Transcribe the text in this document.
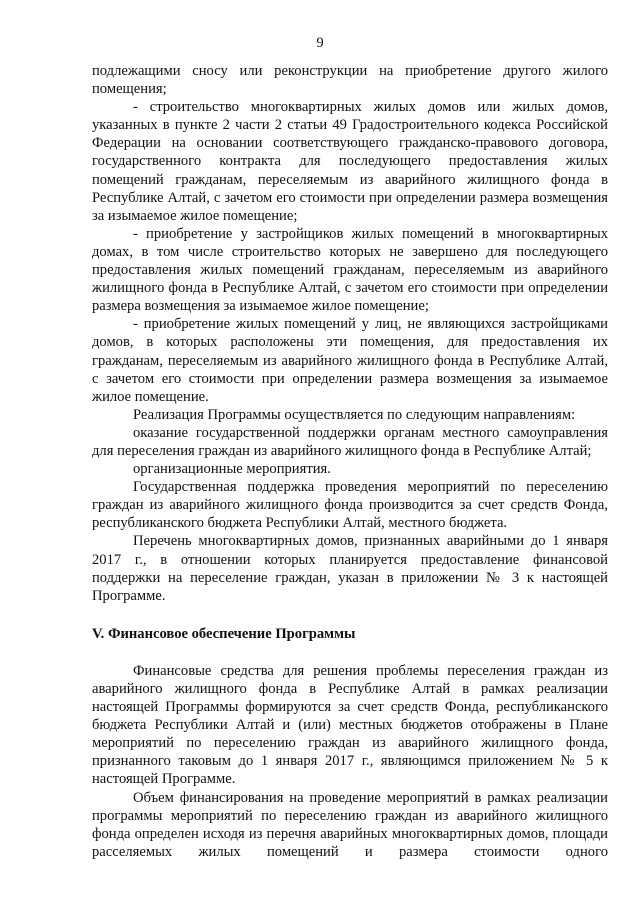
9

подлежащими сносу или реконструкции на приобретение другого жилого помещения;

- строительство многоквартирных жилых домов или жилых домов, указанных в пункте 2 части 2 статьи 49 Градостроительного кодекса Российской Федерации на основании соответствующего гражданско-правового договора, государственного контракта для последующего предоставления жилых помещений гражданам, переселяемым из аварийного жилищного фонда в Республике Алтай, с зачетом его стоимости при определении размера возмещения за изымаемое жилое помещение;

- приобретение у застройщиков жилых помещений в многоквартирных домах, в том числе строительство которых не завершено для последующего предоставления жилых помещений гражданам, переселяемым из аварийного жилищного фонда в Республике Алтай, с зачетом его стоимости при определении размера возмещения за изымаемое жилое помещение;

- приобретение жилых помещений у лиц, не являющихся застройщиками домов, в которых расположены эти помещения, для предоставления их гражданам, переселяемым из аварийного жилищного фонда в Республике Алтай, с зачетом его стоимости при определении размера возмещения за изымаемое жилое помещение.

Реализация Программы осуществляется по следующим направлениям:

оказание государственной поддержки органам местного самоуправления для переселения граждан из аварийного жилищного фонда в Республике Алтай;

организационные мероприятия.

Государственная поддержка проведения мероприятий по переселению граждан из аварийного жилищного фонда производится за счет средств Фонда, республиканского бюджета Республики Алтай, местного бюджета.

Перечень многоквартирных домов, признанных аварийными до 1 января 2017 г., в отношении которых планируется предоставление финансовой поддержки на переселение граждан, указан в приложении № 3 к настоящей Программе.

V. Финансовое обеспечение Программы

Финансовые средства для решения проблемы переселения граждан из аварийного жилищного фонда в Республике Алтай в рамках реализации настоящей Программы формируются за счет средств Фонда, республиканского бюджета Республики Алтай и (или) местных бюджетов отображены в Плане мероприятий по переселению граждан из аварийного жилищного фонда, признанного таковым до 1 января 2017 г., являющимся приложением № 5 к настоящей Программе.

Объем финансирования на проведение мероприятий в рамках реализации программы мероприятий по переселению граждан из аварийного жилищного фонда определен исходя из перечня аварийных многоквартирных домов, площади расселяемых жилых помещений и размера стоимости одного
